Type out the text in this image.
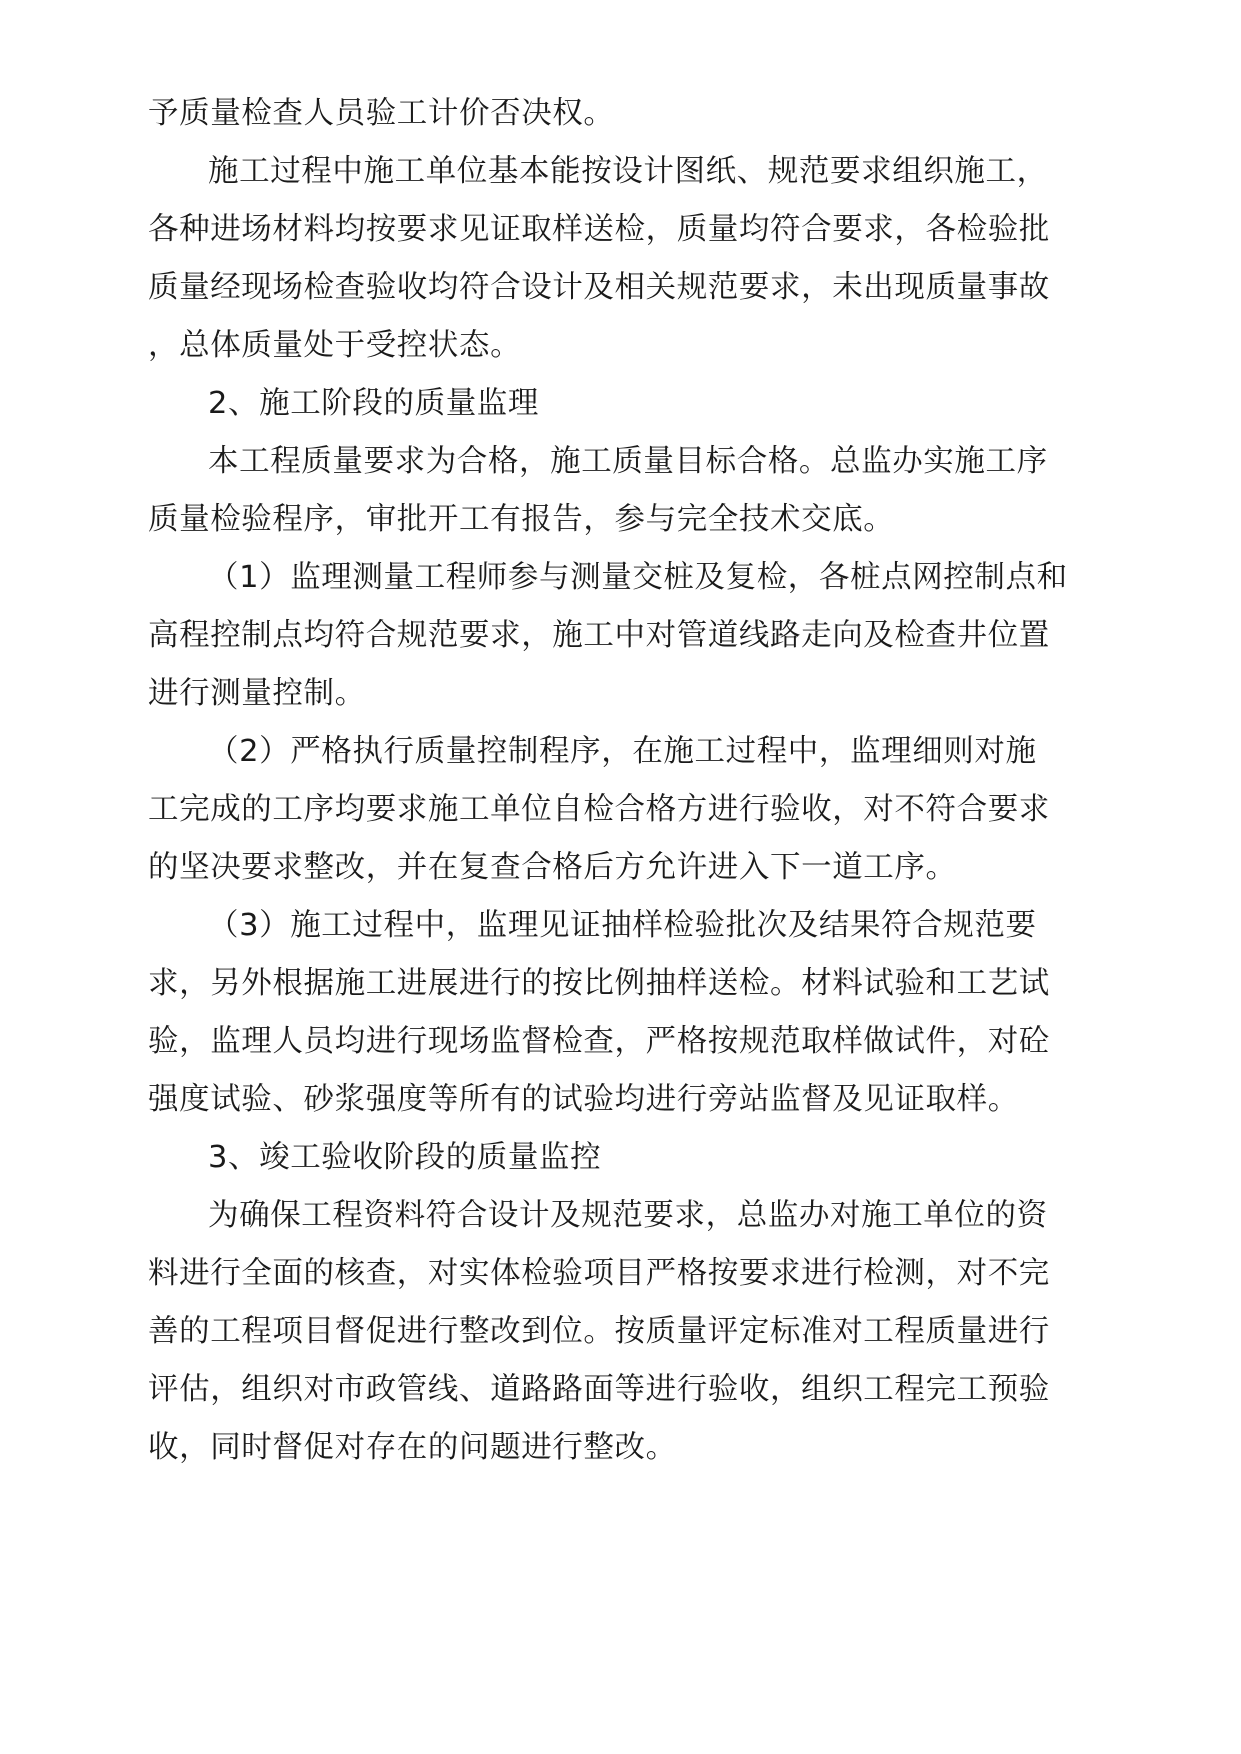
予质量检查人员验工计价否决权。
施工过程中施工单位基本能按设计图纸、规范要求组织施工，
各种进场材料均按要求见证取样送检，质量均符合要求，各检验批
质量经现场检查验收均符合设计及相关规范要求，未出现质量事故
，总体质量处于受控状态。
2、施工阶段的质量监理
本工程质量要求为合格，施工质量目标合格。总监办实施工序
质量检验程序，审批开工有报告，参与完全技术交底。
（1）监理测量工程师参与测量交桩及复检，各桩点网控制点和
高程控制点均符合规范要求，施工中对管道线路走向及检查井位置
进行测量控制。
（2）严格执行质量控制程序，在施工过程中，监理细则对施
工完成的工序均要求施工单位自检合格方进行验收，对不符合要求
的坚决要求整改，并在复查合格后方允许进入下一道工序。
（3）施工过程中，监理见证抽样检验批次及结果符合规范要
求，另外根据施工进展进行的按比例抽样送检。材料试验和工艺试
验，监理人员均进行现场监督检查，严格按规范取样做试件，对砼
强度试验、砂浆强度等所有的试验均进行旁站监督及见证取样。
3、竣工验收阶段的质量监控
为确保工程资料符合设计及规范要求，总监办对施工单位的资
料进行全面的核查，对实体检验项目严格按要求进行检测，对不完
善的工程项目督促进行整改到位。按质量评定标准对工程质量进行
评估，组织对市政管线、道路路面等进行验收，组织工程完工预验
收，同时督促对存在的问题进行整改。
